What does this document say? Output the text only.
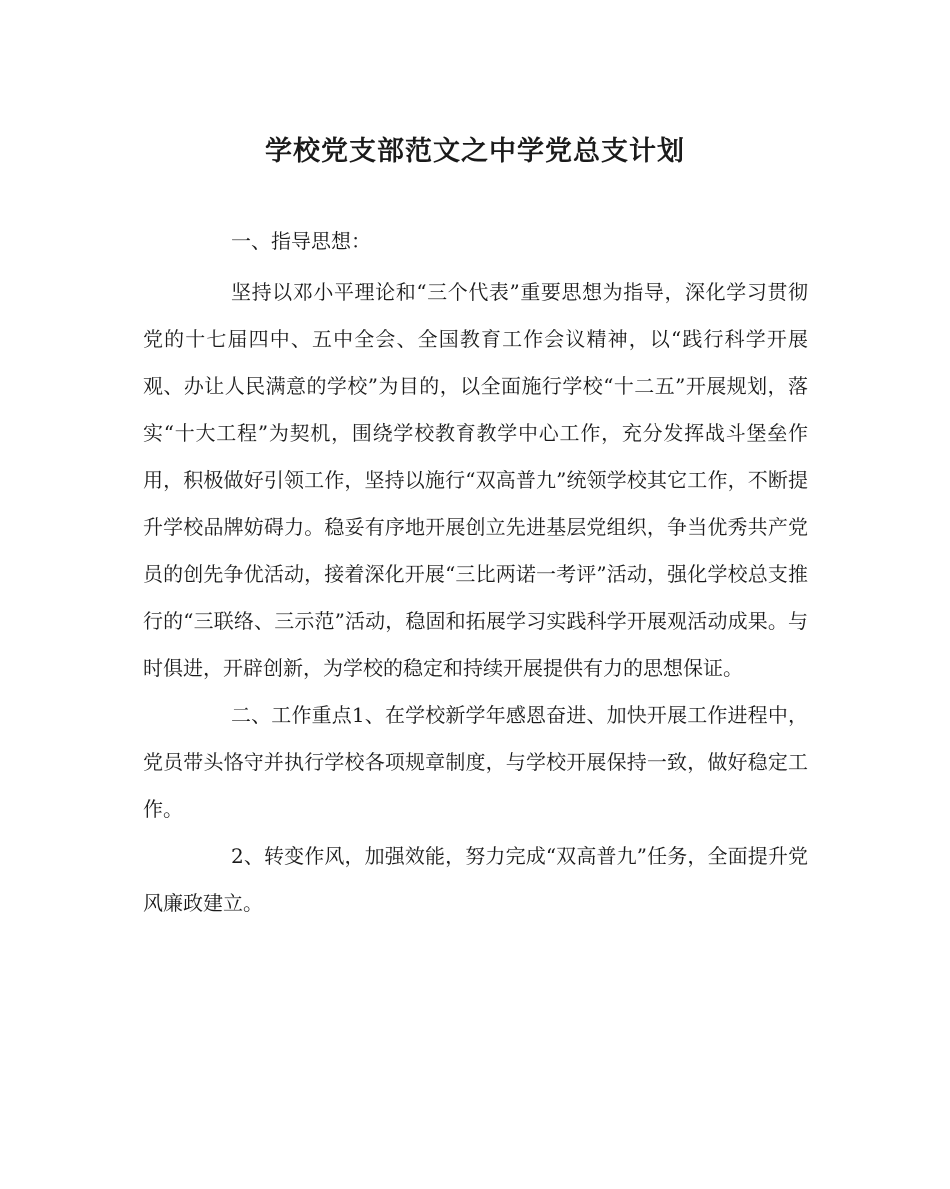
学校党支部范文之中学党总支计划

一、指导思想：

坚持以邓小平理论和“三个代表”重要思想为指导，深化学习贯彻党的十七届四中、五中全会、全国教育工作会议精神，以“践行科学开展观、办让人民满意的学校”为目的，以全面施行学校“十二五”开展规划，落实“十大工程”为契机，围绕学校教育教学中心工作，充分发挥战斗堡垒作用，积极做好引领工作，坚持以施行“双高普九”统领学校其它工作，不断提升学校品牌妨碍力。稳妥有序地开展创立先进基层党组织，争当优秀共产党员的创先争优活动，接着深化开展“三比两诺一考评”活动，强化学校总支推行的“三联络、三示范”活动，稳固和拓展学习实践科学开展观活动成果。与时俱进，开辟创新，为学校的稳定和持续开展提供有力的思想保证。

二、工作重点1、在学校新学年感恩奋进、加快开展工作进程中，党员带头恪守并执行学校各项规章制度，与学校开展保持一致，做好稳定工作。

2、转变作风，加强效能，努力完成“双高普九”任务，全面提升党风廉政建立。
